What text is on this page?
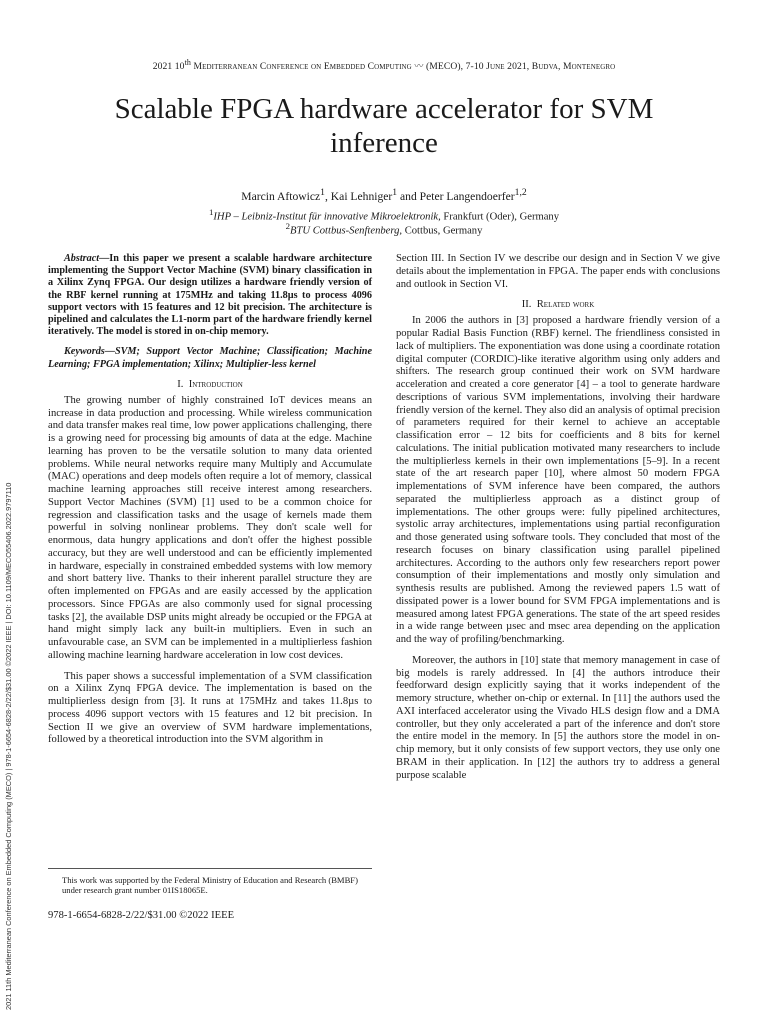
2021 11th Mediterranean Conference on Embedded Computing (MECO) | 978-1-6654-6828-2/22/$31.00 ©2022 IEEE | DOI: 10.1109/MECO55406.2022.9797110
2021 10th Mediterranean Conference on Embedded Computing 〰 (MECO), 7-10 June 2021, Budva, Montenegro
Scalable FPGA hardware accelerator for SVM inference
Marcin Aftowicz$^1$, Kai Lehniger$^1$ and Peter Langendoerfer$^{1,2}$
$^1$IHP – Leibniz-Institut für innovative Mikroelektronik, Frankfurt (Oder), Germany
$^2$BTU Cottbus-Senftenberg, Cottbus, Germany

Abstract—In this paper we present a scalable hardware architecture implementing the Support Vector Machine (SVM) binary classification in a Xilinx Zynq FPGA. Our design utilizes a hardware friendly version of the RBF kernel running at 175MHz and taking 11.8µs to process 4096 support vectors with 15 features and 12 bit precision. The architecture is pipelined and calculates the L1-norm part of the hardware friendly kernel iteratively. The model is stored in on-chip memory.

Keywords—SVM; Support Vector Machine; Classification; Machine Learning; FPGA implementation; Xilinx; Multiplier-less kernel

I. Introduction

The growing number of highly constrained IoT devices means an increase in data production and processing. While wireless communication and data transfer makes real time, low power applications challenging, there is a growing need for processing big amounts of data at the edge. Machine learning has proven to be the versatile solution to many data oriented problems. While neural networks require many Multiply and Accumulate (MAC) operations and deep models often require a lot of memory, classical machine learning approaches still receive interest among researchers. Support Vector Machines (SVM) [1] used to be a common choice for regression and classification tasks and the usage of kernels made them powerful in solving nonlinear problems. They don't scale well for enormous, data hungry applications and don't offer the highest possible accuracy, but they are well understood and can be efficiently implemented in hardware, especially in constrained embedded systems with low memory and short battery live. Thanks to their inherent parallel structure they are often implemented on FPGAs and are easily accessed by the application processors. Since FPGAs are also commonly used for signal processing tasks [2], the available DSP units might already be occupied or the FPGA at hand might simply lack any built-in multipliers. Even in such an unfavourable case, an SVM can be implemented in a multiplierless fashion allowing machine learning hardware acceleration in low cost devices.

This paper shows a successful implementation of a SVM classification on a Xilinx Zynq FPGA device. The implementation is based on the multiplierless design from [3]. It runs at 175MHz and takes 11.8µs to process 4096 support vectors with 15 features and 12 bit precision. In Section II we give an overview of SVM hardware implementations, followed by a theoretical introduction into the SVM algorithm in

Section III. In Section IV we describe our design and in Section V we give details about the implementation in FPGA. The paper ends with conclusions and outlook in Section VI.

II. Related work

In 2006 the authors in [3] proposed a hardware friendly version of a popular Radial Basis Function (RBF) kernel. The friendliness consisted in lack of multipliers. The exponentiation was done using a coordinate rotation digital computer (CORDIC)-like iterative algorithm using only adders and shifters. The research group continued their work on SVM hardware acceleration and created a core generator [4] – a tool to generate hardware descriptions of various SVM implementations, involving their hardware friendly version of the kernel. They also did an analysis of optimal precision of parameters required for their kernel to achieve an acceptable classification error – 12 bits for coefficients and 8 bits for kernel calculations. The initial publication motivated many researchers to include the multiplierless kernels in their own implementations [5–9]. In a recent state of the art research paper [10], where almost 50 modern FPGA implementations of SVM inference have been compared, the authors separated the multiplierless approach as a distinct group of implementations. The other groups were: fully pipelined architectures, systolic array architectures, implementations using partial reconfiguration and those generated using software tools. They concluded that most of the research focuses on binary classification using parallel pipelined architectures. According to the authors only few researchers report power consumption of their implementations and mostly only simulation and synthesis results are published. Among the reviewed papers 1.5 watt of dissipated power is a lower bound for SVM FPGA implementations and is measured among latest FPGA generations. The state of the art speed resides in a wide range between µsec and msec area depending on the application and the way of profiling/benchmarking.

Moreover, the authors in [10] state that memory management in case of big models is rarely addressed. In [4] the authors introduce their feedforward design explicitly saying that it works independent of the memory structure, whether on-chip or external. In [11] the authors used the AXI interfaced accelerator using the Vivado HLS design flow and a DMA controller, but they only accelerated a part of the inference and don't store the entire model in the memory. In [5] the authors store the model in on-chip memory, but it only consists of few support vectors, they use only one BRAM in their application. In [12] the authors try to address a general purpose scalable

This work was supported by the Federal Ministry of Education and Research (BMBF) under research grant number 01IS18065E.

978-1-6654-6828-2/22/$31.00 ©2022 IEEE
